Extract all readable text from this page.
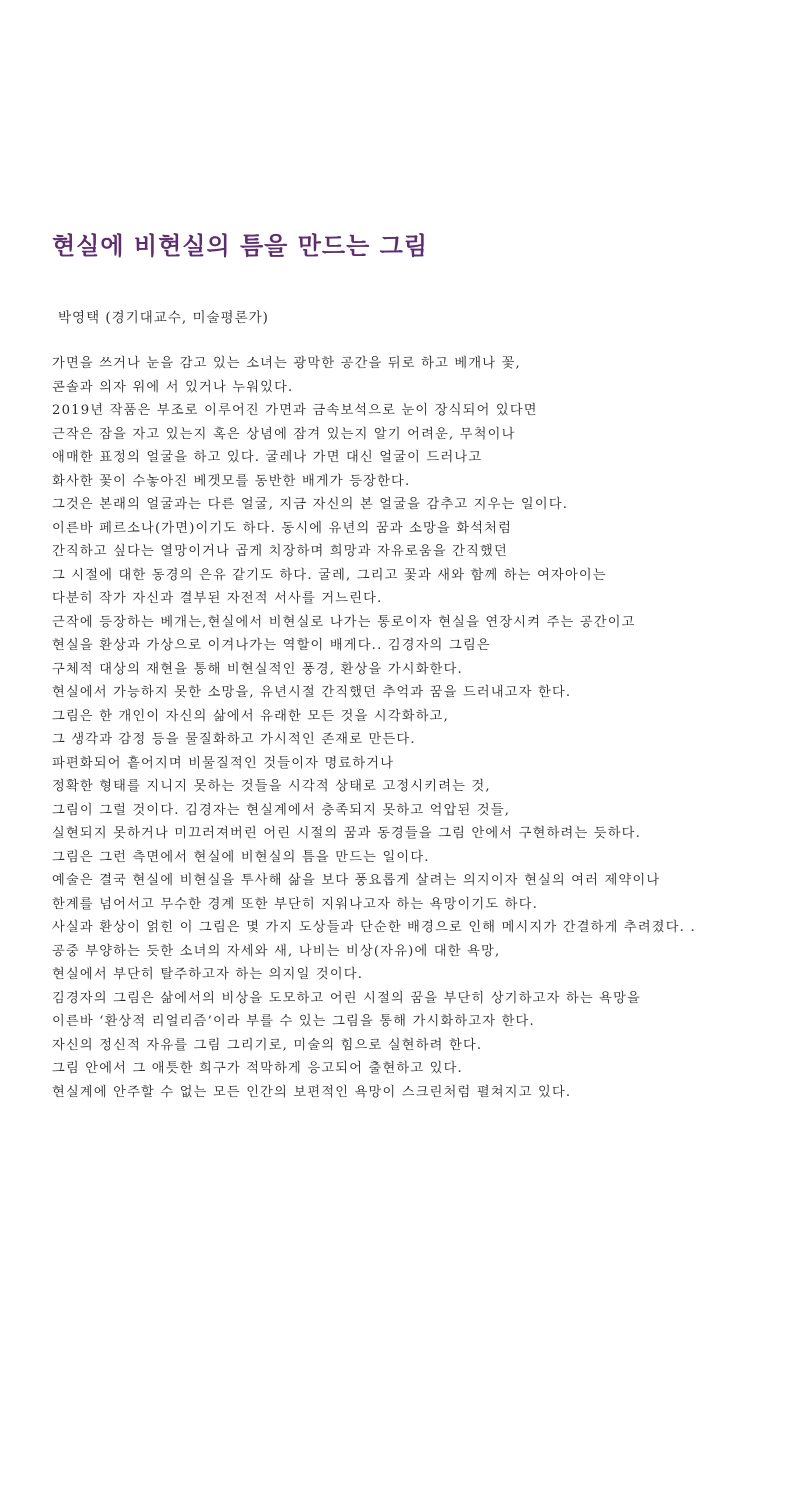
현실에 비현실의 틈을 만드는 그림

박영택 (경기대교수, 미술평론가)

가면을 쓰거나 눈을 감고 있는 소녀는 광막한 공간을 뒤로 하고 베개나 꽃,
콘솔과 의자 위에 서 있거나 누워있다.
2019년 작품은 부조로 이루어진 가면과 금속보석으로 눈이 장식되어 있다면
근작은 잠을 자고 있는지 혹은 상념에 잠겨 있는지 알기 어려운, 무척이나
애매한 표정의 얼굴을 하고 있다. 굴레나 가면 대신 얼굴이 드러나고
화사한 꽃이 수놓아진 베겟모를 동반한 배게가 등장한다.
그것은 본래의 얼굴과는 다른 얼굴, 지금 자신의 본 얼굴을 감추고 지우는 일이다.
이른바 페르소나(가면)이기도 하다. 동시에 유년의 꿈과 소망을 화석처럼
간직하고 싶다는 열망이거나 곱게 치장하며 희망과 자유로움을 간직했던
그 시절에 대한 동경의 은유 같기도 하다. 굴레, 그리고 꽃과 새와 함께 하는 여자아이는
다분히 작가 자신과 결부된 자전적 서사를 거느린다.
근작에 등장하는 베개는,현실에서 비현실로 나가는 통로이자 현실을 연장시켜 주는 공간이고
현실을 환상과 가상으로 이겨나가는 역할이 배게다.. 김경자의 그림은
구체적 대상의 재현을 통해 비현실적인 풍경, 환상을 가시화한다.
현실에서 가능하지 못한 소망을, 유년시절 간직했던 추억과 꿈을 드러내고자 한다.
그림은 한 개인이 자신의 삶에서 유래한 모든 것을 시각화하고,
그 생각과 감정 등을 물질화하고 가시적인 존재로 만든다.
파편화되어 흩어지며 비물질적인 것들이자 명료하거나
정확한 형태를 지니지 못하는 것들을 시각적 상태로 고정시키려는 것,
그림이 그럴 것이다. 김경자는 현실계에서 충족되지 못하고 억압된 것들,
실현되지 못하거나 미끄러져버린 어린 시절의 꿈과 동경들을 그림 안에서 구현하려는 듯하다.
그림은 그런 측면에서 현실에 비현실의 틈을 만드는 일이다.
예술은 결국 현실에 비현실을 투사해 삶을 보다 풍요롭게 살려는 의지이자 현실의 여러 제약이나
한계를 넘어서고 무수한 경계 또한 부단히 지워나고자 하는 욕망이기도 하다.
사실과 환상이 얽힌 이 그림은 몇 가지 도상들과 단순한 배경으로 인해 메시지가 간결하게 추려졌다. .
공중 부양하는 듯한 소녀의 자세와 새, 나비는 비상(자유)에 대한 욕망,
현실에서 부단히 탈주하고자 하는 의지일 것이다.
김경자의 그림은 삶에서의 비상을 도모하고 어린 시절의 꿈을 부단히 상기하고자 하는 욕망을
이른바 ‘환상적 리얼리즘’이라 부를 수 있는 그림을 통해 가시화하고자 한다.
자신의 정신적 자유를 그림 그리기로, 미술의 힘으로 실현하려 한다.
그림 안에서 그 애틋한 희구가 적막하게 응고되어 출현하고 있다.
현실계에 안주할 수 없는 모든 인간의 보편적인 욕망이 스크린처럼 펼쳐지고 있다.
